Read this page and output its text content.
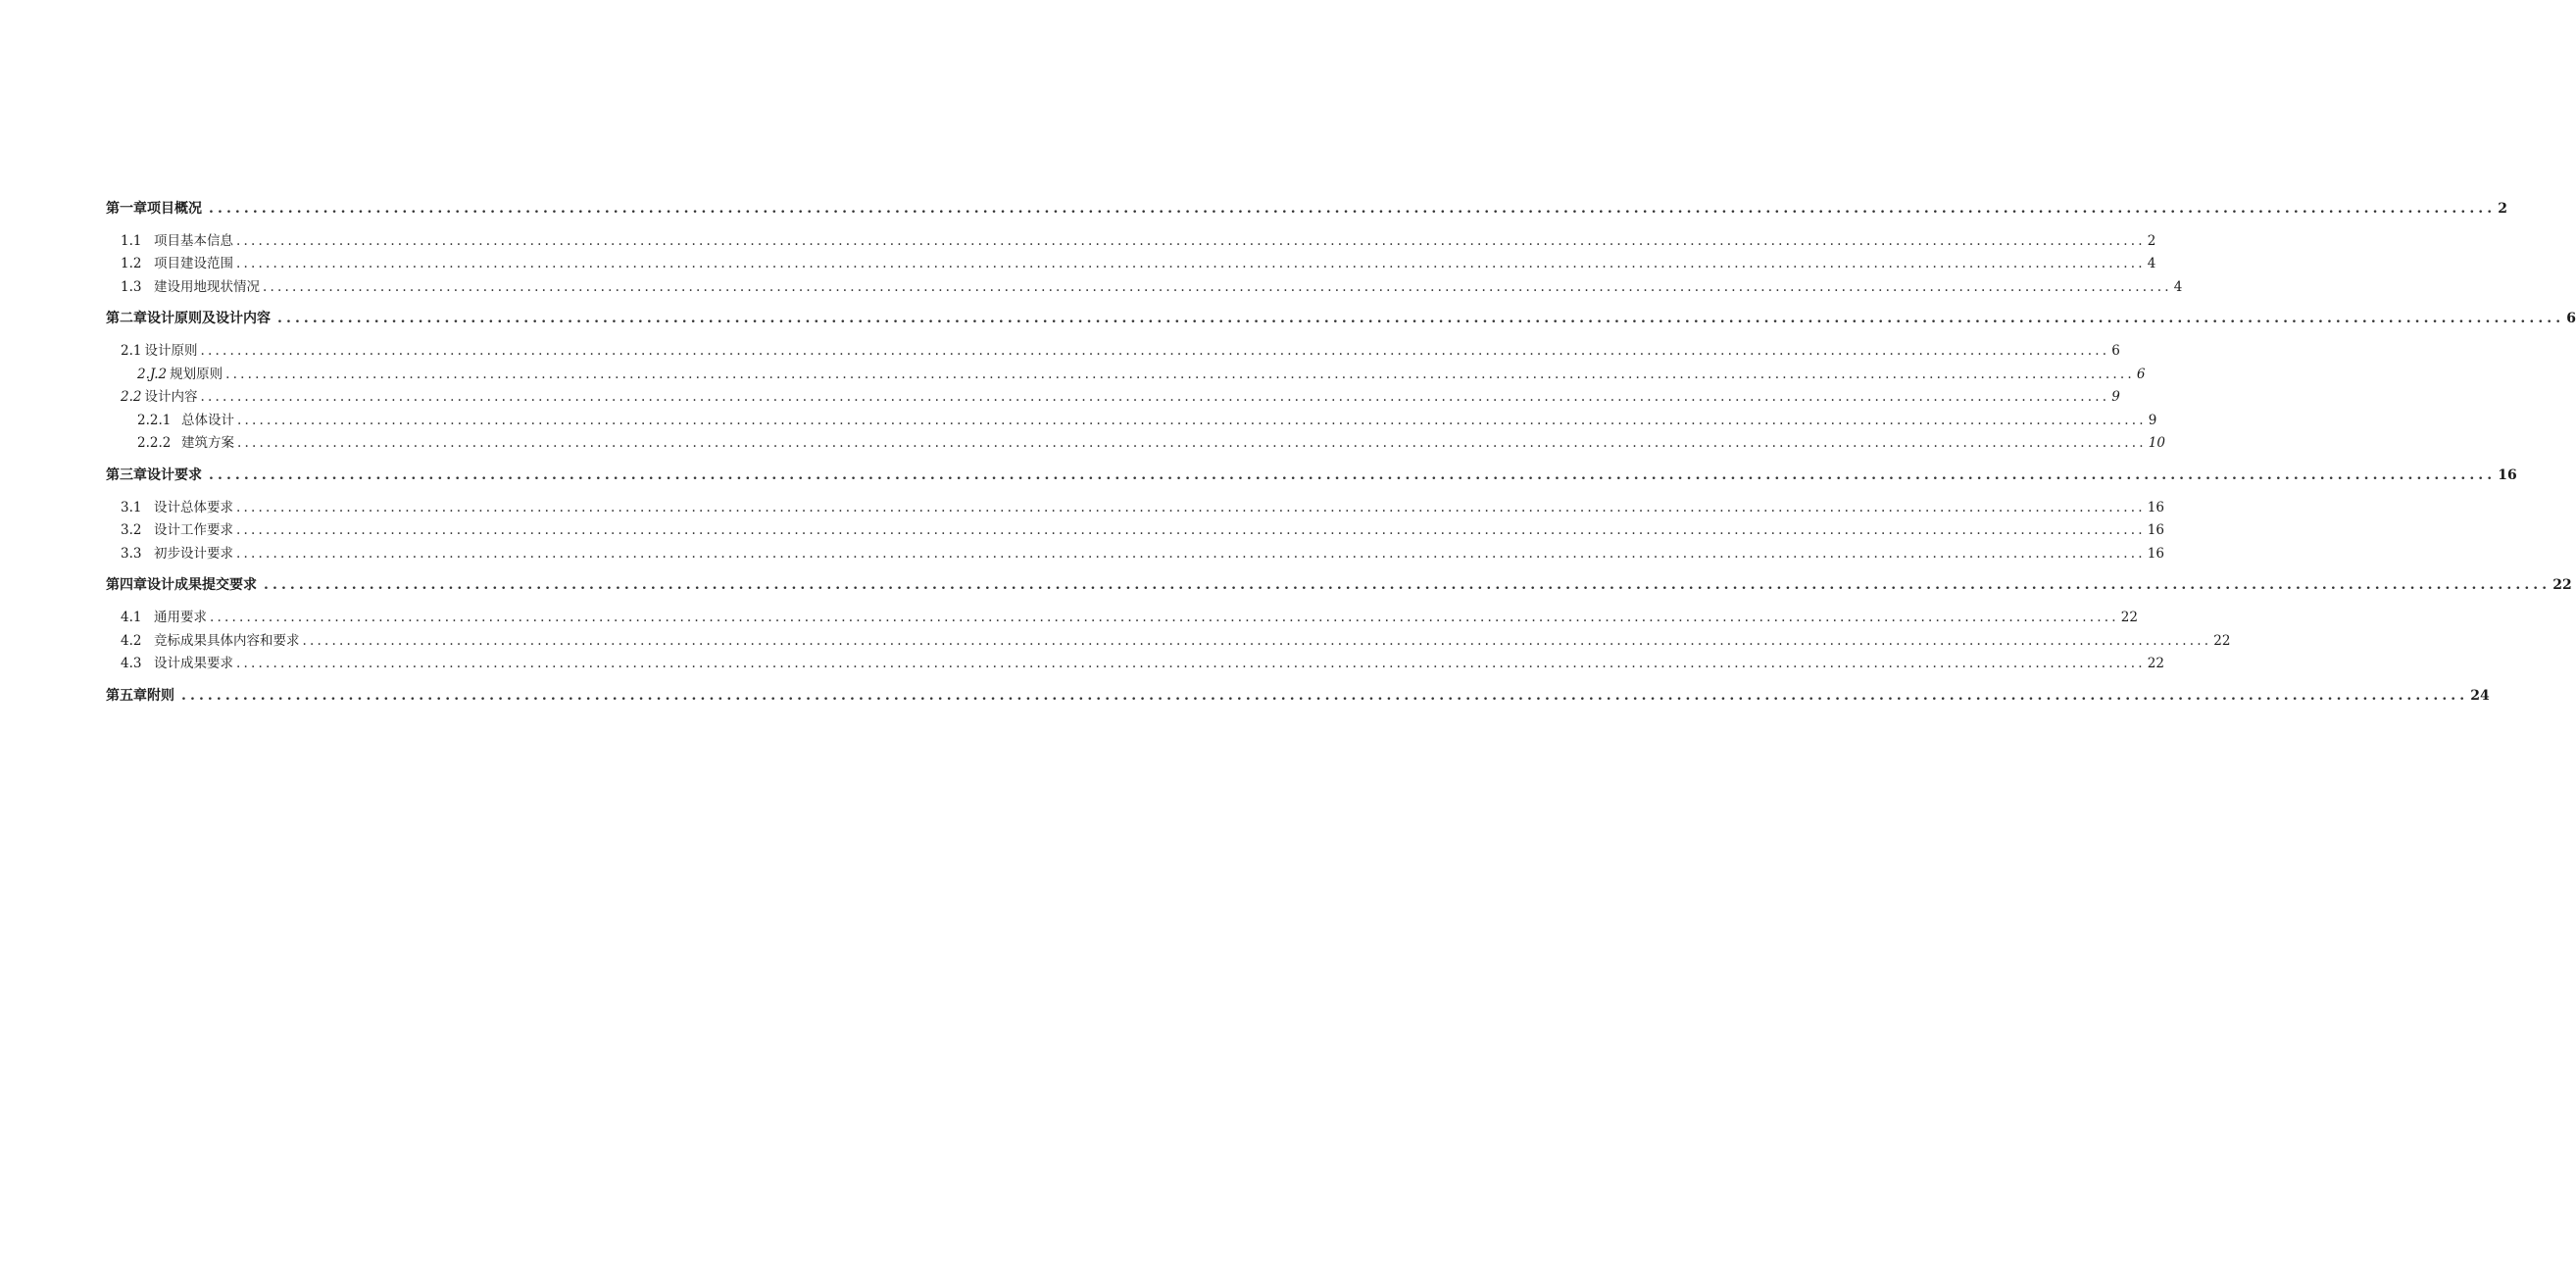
第一章项目概况 .................................................................................................................................................................................................................................................................... 2
1.1 项目基本信息 .................................................................................................................................................................................................................................................................... 2
1.2 项目建设范围 .................................................................................................................................................................................................................................................................... 4
1.3 建设用地现状情况 .................................................................................................................................................................................................................................................................... 4
第二章设计原则及设计内容 .................................................................................................................................................................................................................................................................... 6
2.1 设计原则 .................................................................................................................................................................................................................................................................... 6
2.J.2 规划原则 .................................................................................................................................................................................................................................................................... 6
2.2 设计内容 .................................................................................................................................................................................................................................................................... 9
2.2.1 总体设计 .................................................................................................................................................................................................................................................................... 9
2.2.2 建筑方案 .................................................................................................................................................................................................................................................................... 10
第三章设计要求 .................................................................................................................................................................................................................................................................... 16
3.1 设计总体要求 .................................................................................................................................................................................................................................................................... 16
3.2 设计工作要求 .................................................................................................................................................................................................................................................................... 16
3.3 初步设计要求 .................................................................................................................................................................................................................................................................... 16
第四章设计成果提交要求 .................................................................................................................................................................................................................................................................... 22
4.1 通用要求 .................................................................................................................................................................................................................................................................... 22
4.2 竞标成果具体内容和要求 .................................................................................................................................................................................................................................................................... 22
4.3 设计成果要求 .................................................................................................................................................................................................................................................................... 22
第五章附则 .................................................................................................................................................................................................................................................................... 24
